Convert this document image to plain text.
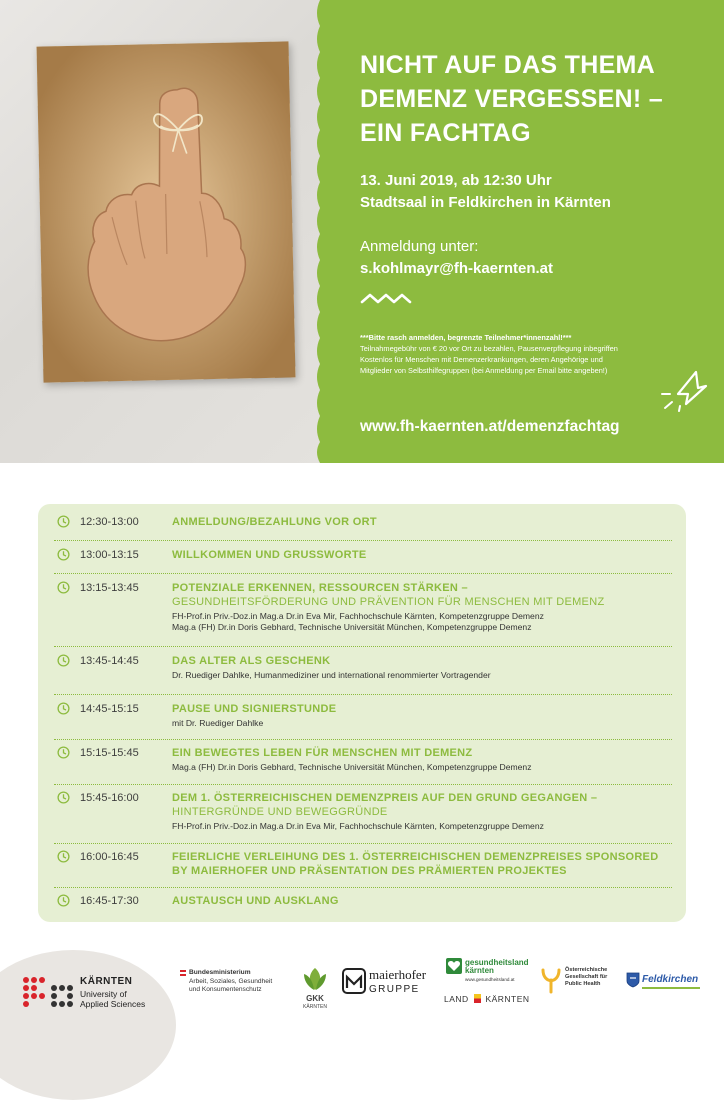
NICHT AUF DAS THEMA
DEMENZ VERGESSEN! –
EIN FACHTAG
13. Juni 2019, ab 12:30 Uhr
Stadtsaal in Feldkirchen in Kärnten
Anmeldung unter:
s.kohlmayr@fh-kaernten.at
***Bitte rasch anmelden, begrenzte Teilnehmer*innenzahl!***
Teilnahmegebühr von € 20 vor Ort zu bezahlen, Pausenverpflegung inbegriffen
Kostenlos für Menschen mit Demenzerkrankungen, deren Angehörige und
Mitglieder von Selbsthilfegruppen (bei Anmeldung per Email bitte angeben!)
www.fh-kaernten.at/demenzfachtag
12:30-13:00	ANMELDUNG/BEZAHLUNG VOR ORT
13:00-13:15	WILLKOMMEN UND GRUSSWORTE
13:15-13:45	POTENZIALE ERKENNEN, RESSOURCEN STÄRKEN –
GESUNDHEITSFÖRDERUNG UND PRÄVENTION FÜR MENSCHEN MIT DEMENZ
FH-Prof.in Priv.-Doz.in Mag.a Dr.in Eva Mir, Fachhochschule Kärnten, Kompetenzgruppe Demenz
Mag.a (FH) Dr.in Doris Gebhard, Technische Universität München, Kompetenzgruppe Demenz
13:45-14:45	DAS ALTER ALS GESCHENK
Dr. Ruediger Dahlke, Humanmediziner und international renommierter Vortragender
14:45-15:15	PAUSE UND SIGNIERSTUNDE
mit Dr. Ruediger Dahlke
15:15-15:45	EIN BEWEGTES LEBEN FÜR MENSCHEN MIT DEMENZ
Mag.a (FH) Dr.in Doris Gebhard, Technische Universität München, Kompetenzgruppe Demenz
15:45-16:00	DEM 1. ÖSTERREICHISCHEN DEMENZPREIS AUF DEN GRUND GEGANGEN –
HINTERGRÜNDE UND BEWEGGRÜNDE
FH-Prof.in Priv.-Doz.in Mag.a Dr.in Eva Mir, Fachhochschule Kärnten, Kompetenzgruppe Demenz
16:00-16:45	FEIERLICHE VERLEIHUNG DES 1. ÖSTERREICHISCHEN DEMENZPREISES SPONSORED
BY MAIERHOFER UND PRÄSENTATION DES PRÄMIERTEN PROJEKTES
16:45-17:30	AUSTAUSCH UND AUSKLANG
KÄRNTEN
University of
Applied Sciences
Bundesministerium
Arbeit, Soziales, Gesundheit
und Konsumentenschutz
GKK
KÄRNTEN
maierhofer
GRUPPE
gesundheitsland
kärnten
www.gesundheitsland.at
LAND KÄRNTEN
Österreichische
Gesellschaft für
Public Health	Feldkirchen
